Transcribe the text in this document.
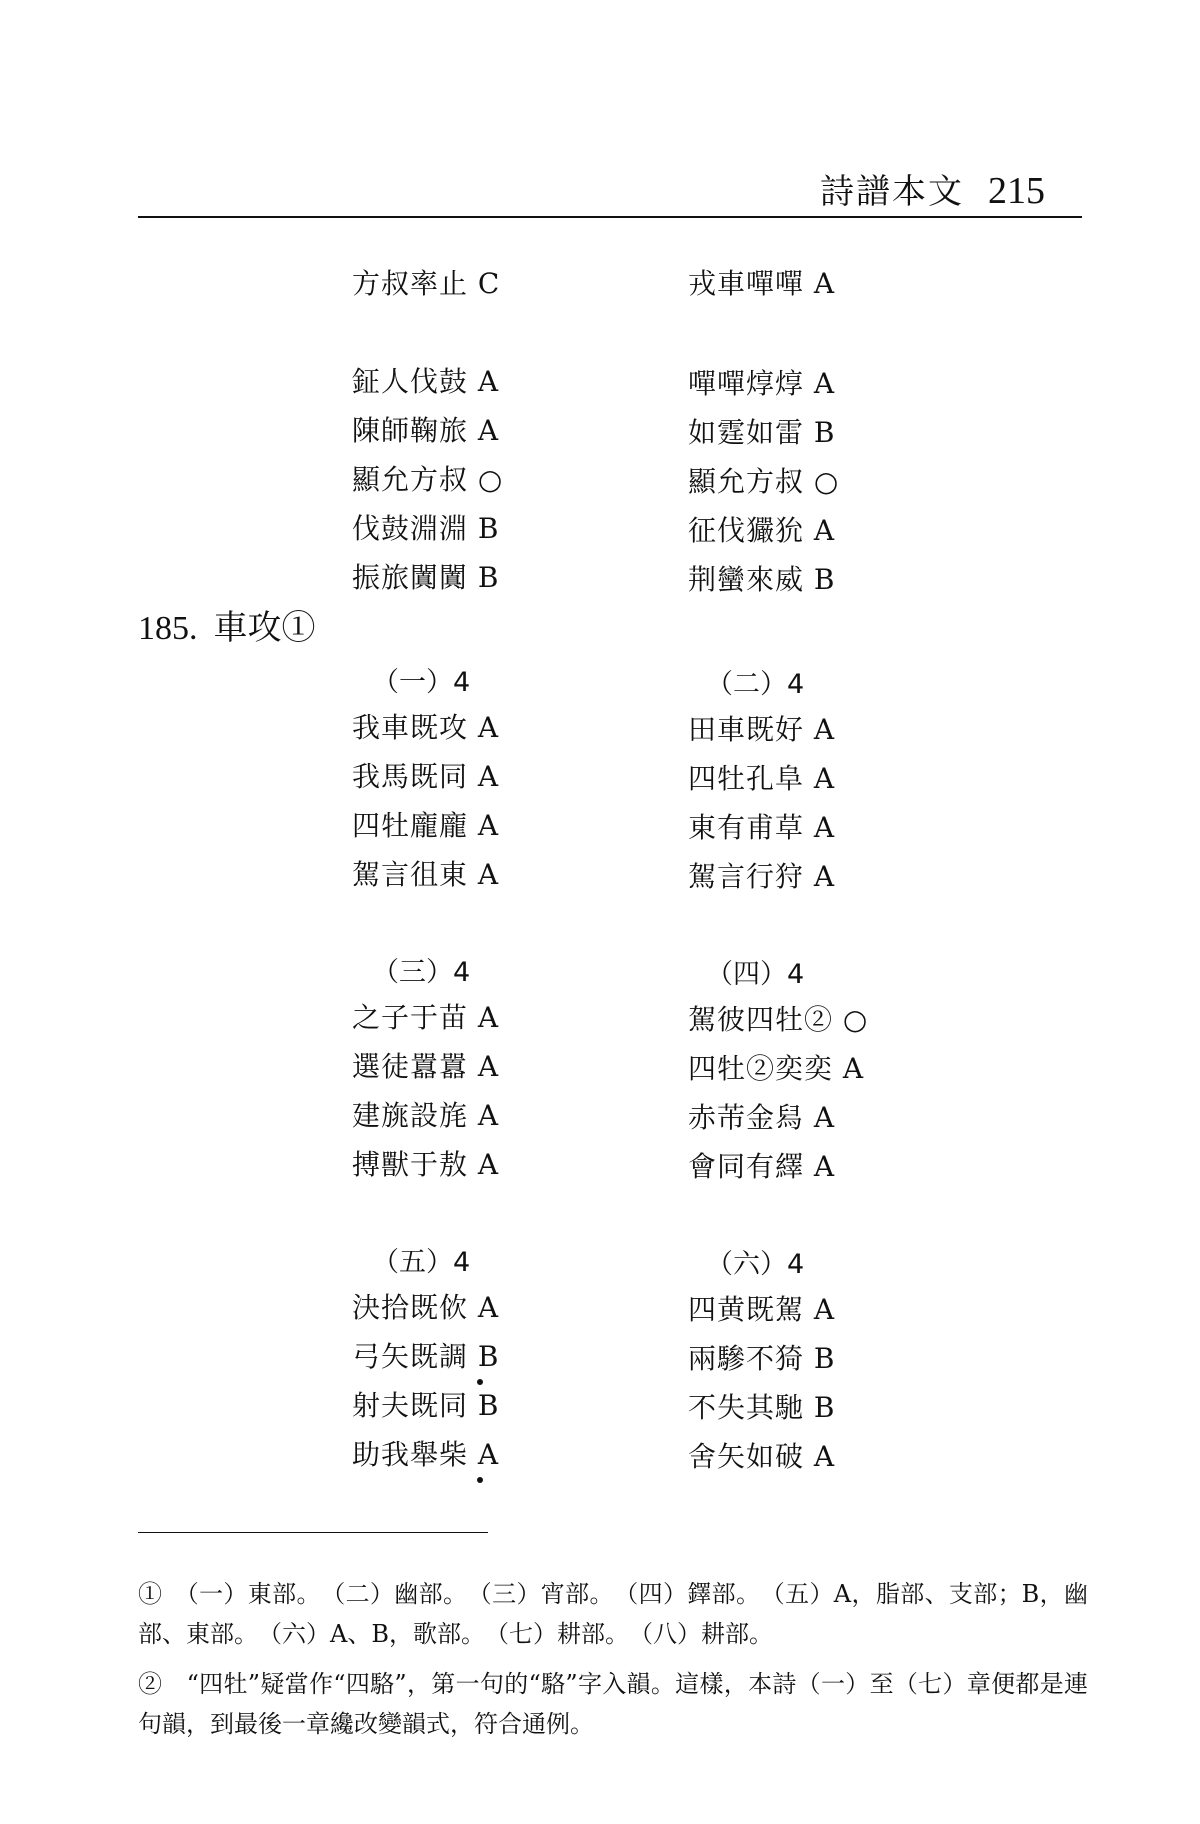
詩譜本文 215
方叔率止 C	戎車嘽嘽 A
鉦人伐鼓 A
陳師鞠旅 A
顯允方叔 ○
伐鼓淵淵 B
振旅闐闐 B
嘽嘽焞焞 A
如霆如雷 B
顯允方叔 ○
征伐玁狁 A
荆蠻來威 B
185. 車攻①
（一）4
我車既攻 A
我馬既同 A
四牡龐龐 A
駕言徂東 A
（二）4
田車既好 A
四牡孔阜 A
東有甫草 A
駕言行狩 A
（三）4
之子于苗 A
選徒囂囂 A
建旐設旄 A
搏獸于敖 A
（四）4
駕彼四牡② ○
四牡②奕奕 A
赤芾金舄 A
會同有繹 A
（五）4
決拾既佽 A
弓矢既調 B
射夫既同 B
助我舉柴 A
（六）4
四黄既駕 A
兩驂不猗 B
不失其馳 B
舍矢如破 A
①　（一）東部。　（二）幽部。　（三）宵部。　（四）鐸部。　（五）A，脂部、支部；B，幽部、東部。　（六）A、B，歌部。　（七）耕部。　（八）耕部。
②　“四牡”疑當作“四駱”，第一句的“駱”字入韻。這樣，本詩（一）至（七）章便都是連句韻，到最後一章纔改變韻式，符合通例。
